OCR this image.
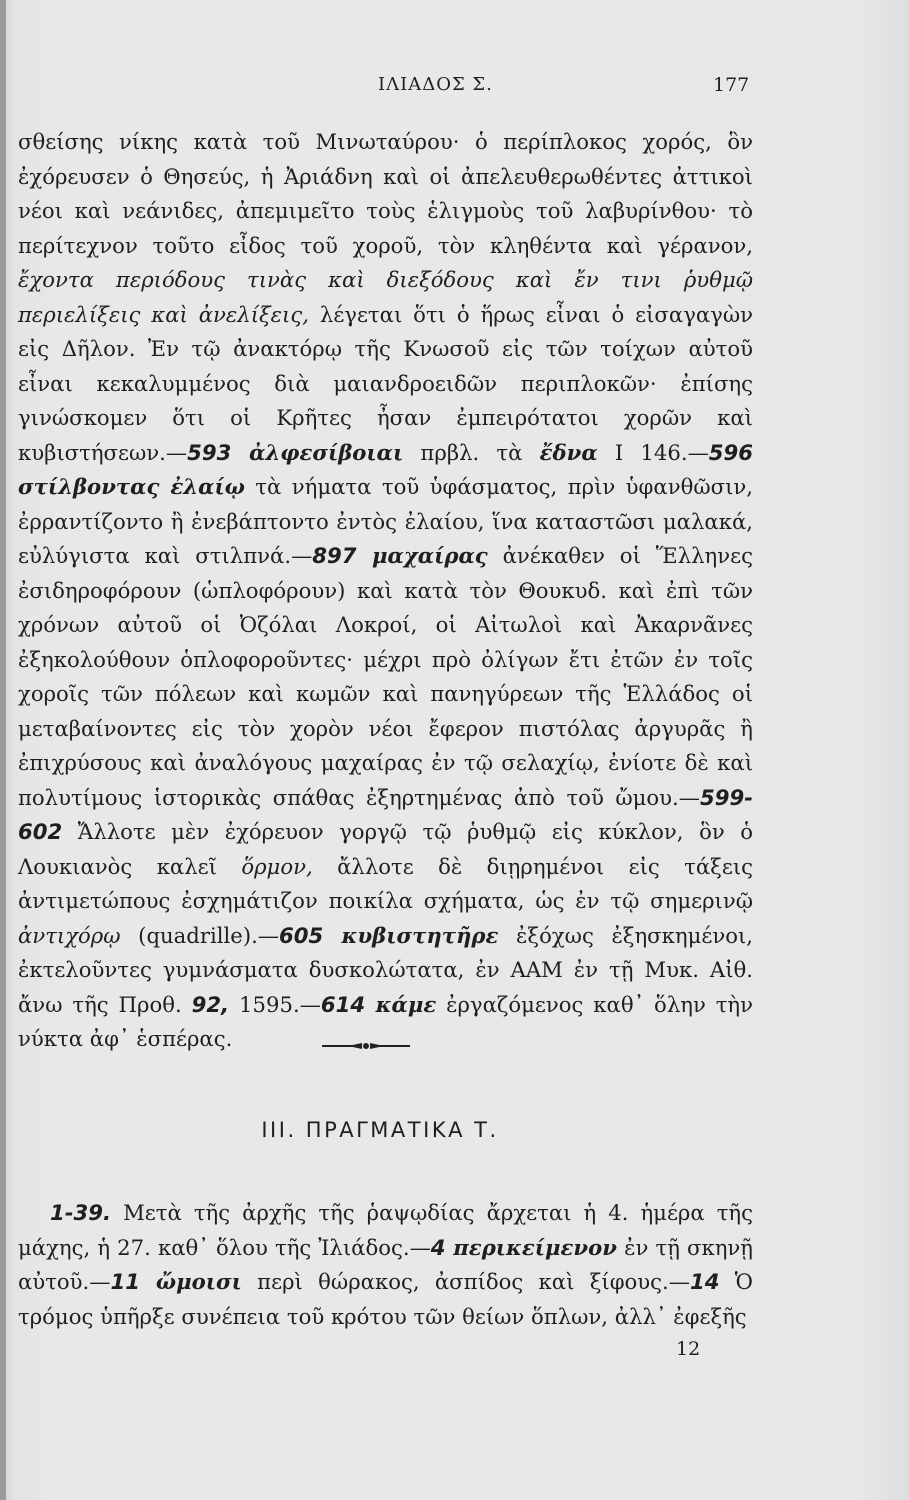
ΙΛΙΑΔΟΣ Σ.	177

σθείσης νίκης κατὰ τοῦ Μινωταύρου· ὁ περίπλοκος χορός, ὃν ἐχόρευσεν ὁ Θησεύς, ἡ Ἀριάδνη καὶ οἱ ἀπελευθερωθέντες ἀττικοὶ νέοι καὶ νεάνιδες, ἀπεμιμεῖτο τοὺς ἑλιγμοὺς τοῦ λαβυρίνθου· τὸ περίτεχνον τοῦτο εἶδος τοῦ χοροῦ, τὸν κληθέντα καὶ γέρανον, ἔχοντα περιόδους τινὰς καὶ διεξόδους καὶ ἔν τινι ῥυθμῷ περιελίξεις καὶ ἀνελίξεις, λέγεται ὅτι ὁ ἥρως εἶναι ὁ εἰσαγαγὼν εἰς Δῆλον. Ἐν τῷ ἀνακτόρῳ τῆς Κνωσοῦ εἰς τῶν τοίχων αὐτοῦ εἶναι κεκαλυμμένος διὰ μαιανδροειδῶν περιπλοκῶν· ἐπίσης γινώσκομεν ὅτι οἱ Κρῆτες ἦσαν ἐμπειρότατοι χορῶν καὶ κυβιστήσεων.—593 ἀλφεσίβοιαι πρβλ. τὰ ἔδνα Ι 146.—596 στίλβοντας ἐλαίῳ τὰ νήματα τοῦ ὑφάσματος, πρὶν ὑφανθῶσιν, ἐρραντίζοντο ἢ ἐνεβάπτοντο ἐντὸς ἐλαίου, ἵνα καταστῶσι μαλακά, εὐλύγιστα καὶ στιλπνά.—897 μαχαίρας ἀνέκαθεν οἱ Ἕλληνες ἐσιδηροφόρουν (ὡπλοφόρουν) καὶ κατὰ τὸν Θουκυδ. καὶ ἐπὶ τῶν χρόνων αὐτοῦ οἱ Ὀζόλαι Λοκροί, οἱ Αἰτωλοὶ καὶ Ἀκαρνᾶνες ἐξηκολούθουν ὁπλοφοροῦντες· μέχρι πρὸ ὀλίγων ἔτι ἐτῶν ἐν τοῖς χοροῖς τῶν πόλεων καὶ κωμῶν καὶ πανηγύρεων τῆς Ἑλλάδος οἱ μεταβαίνοντες εἰς τὸν χορὸν νέοι ἔφερον πιστόλας ἀργυρᾶς ἢ ἐπιχρύσους καὶ ἀναλόγους μαχαίρας ἐν τῷ σελαχίῳ, ἐνίοτε δὲ καὶ πολυτίμους ἱστορικὰς σπάθας ἐξηρτημένας ἀπὸ τοῦ ὤμου.—599-602 Ἄλλοτε μὲν ἐχόρευον γοργῷ τῷ ῥυθμῷ εἰς κύκλον, ὃν ὁ Λουκιανὸς καλεῖ ὅρμον, ἄλλοτε δὲ διῃρημένοι εἰς τάξεις ἀντιμετώπους ἐσχημάτιζον ποικίλα σχήματα, ὡς ἐν τῷ σημερινῷ ἀντιχόρῳ (quadrille).—605 κυβιστητῆρε ἐξόχως ἐξησκημένοι, ἐκτελοῦντες γυμνάσματα δυσκολώτατα, ἐν ΑΑΜ ἐν τῇ Μυκ. Αἰθ. ἄνω τῆς Προθ. 92, 1595.—614 κάμε ἐργαζόμενος καθ᾽ ὅλην τὴν νύκτα ἀφ᾽ ἑσπέρας.

ΙΙΙ. ΠΡΑΓΜΑΤΙΚΑ Τ.

1-39. Μετὰ τῆς ἀρχῆς τῆς ῥαψῳδίας ἄρχεται ἡ 4. ἡμέρα τῆς μάχης, ἡ 27. καθ᾽ ὅλου τῆς Ἰλιάδος.—4 περικείμενον ἐν τῇ σκηνῇ αὐτοῦ.—11 ὤμοισι περὶ θώρακος, ἀσπίδος καὶ ξίφους.—14 Ὁ τρόμος ὑπῆρξε συνέπεια τοῦ κρότου τῶν θείων ὅπλων, ἀλλ᾽ ἐφεξῆς

12
